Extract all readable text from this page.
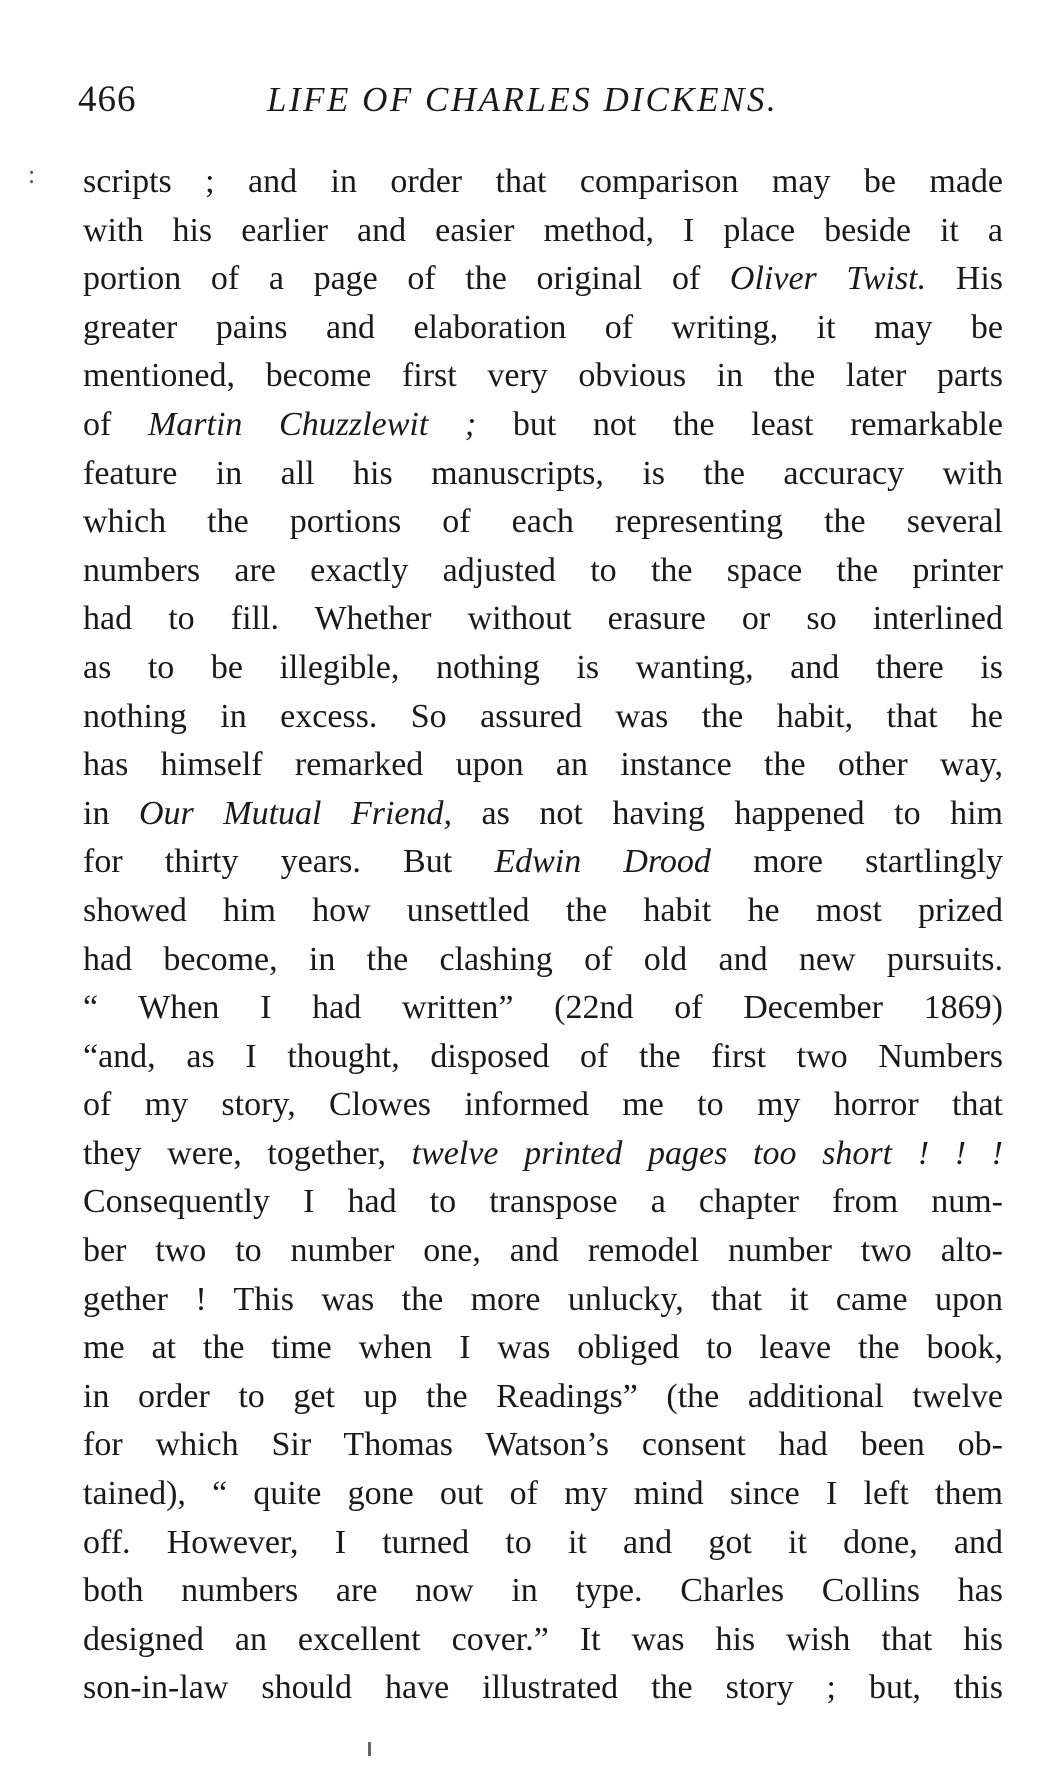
466	LIFE OF CHARLES DICKENS.
: scripts ; and in order that comparison may be made
with his earlier and easier method, I place beside it a
portion of a page of the original of Oliver Twist. His
greater pains and elaboration of writing, it may be
mentioned, become first very obvious in the later parts
of Martin Chuzzlewit ; but not the least remarkable
feature in all his manuscripts, is the accuracy with
which the portions of each representing the several
numbers are exactly adjusted to the space the printer
had to fill. Whether without erasure or so interlined
as to be illegible, nothing is wanting, and there is
nothing in excess. So assured was the habit, that he
has himself remarked upon an instance the other way,
in Our Mutual Friend, as not having happened to him
for thirty years. But Edwin Drood more startlingly
showed him how unsettled the habit he most prized
had become, in the clashing of old and new pursuits.
“ When I had written” (22nd of December 1869)
“and, as I thought, disposed of the first two Numbers
of my story, Clowes informed me to my horror that
they were, together, twelve printed pages too short ! ! !
Consequently I had to transpose a chapter from num-
ber two to number one, and remodel number two alto-
gether ! This was the more unlucky, that it came upon
me at the time when I was obliged to leave the book,
in order to get up the Readings” (the additional twelve
for which Sir Thomas Watson’s consent had been ob-
tained), “ quite gone out of my mind since I left them
off. However, I turned to it and got it done, and
both numbers are now in type. Charles Collins has
designed an excellent cover.” It was his wish that his
son-in-law should have illustrated the story ; but, this
